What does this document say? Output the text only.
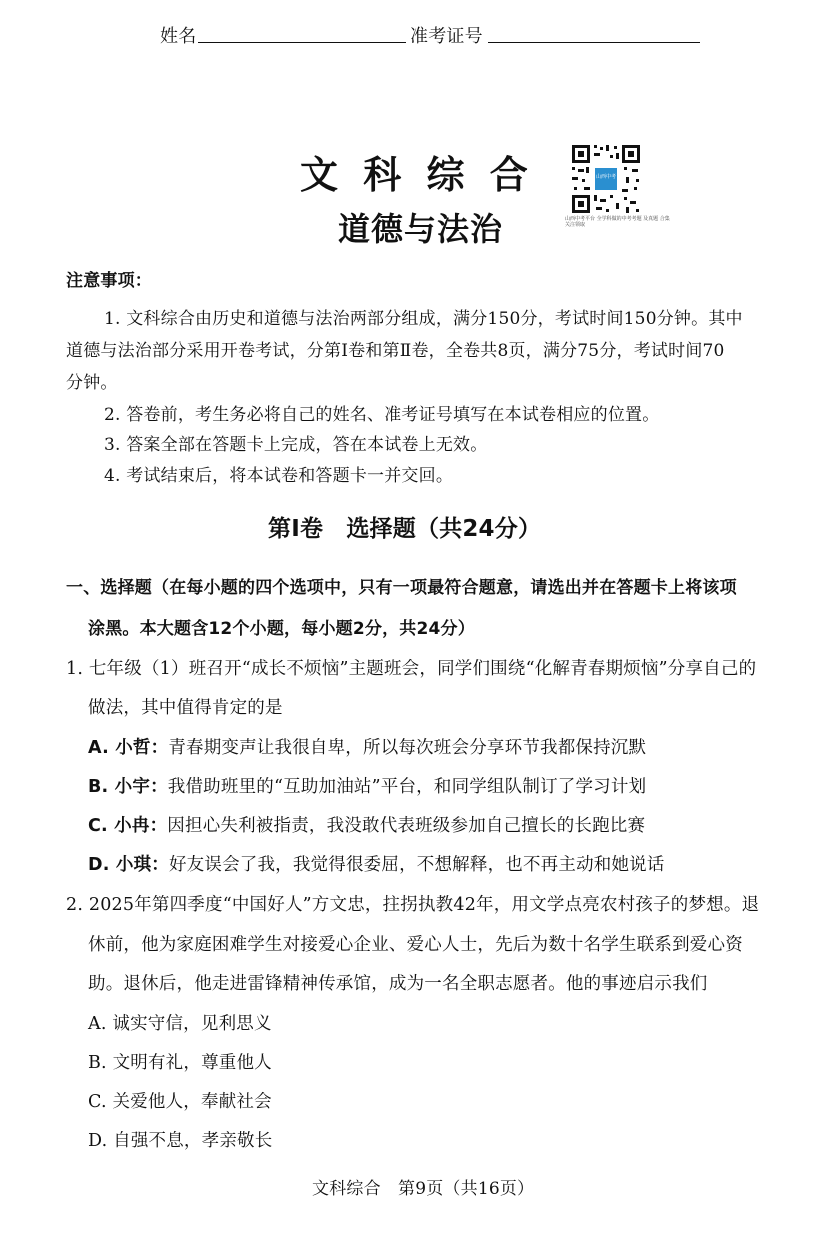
姓名	准考证号
文 科 综 合
道德与法治
山西中考
山西中考平台 全学科做的中考考题 及真题 合集 关注领取
注意事项：
1. 文科综合由历史和道德与法治两部分组成，满分150分，考试时间150分钟。其中
道德与法治部分采用开卷考试，分第Ⅰ卷和第Ⅱ卷，全卷共8页，满分75分，考试时间70
分钟。
2. 答卷前，考生务必将自己的姓名、准考证号填写在本试卷相应的位置。
3. 答案全部在答题卡上完成，答在本试卷上无效。
4. 考试结束后，将本试卷和答题卡一并交回。
第Ⅰ卷　选择题（共24分）
一、选择题（在每小题的四个选项中，只有一项最符合题意，请选出并在答题卡上将该项
涂黑。本大题含12个小题，每小题2分，共24分）
1. 七年级（1）班召开“成长不烦恼”主题班会，同学们围绕“化解青春期烦恼”分享自己的
做法，其中值得肯定的是
A. 小哲：青春期变声让我很自卑，所以每次班会分享环节我都保持沉默
B. 小宇：我借助班里的“互助加油站”平台，和同学组队制订了学习计划
C. 小冉：因担心失利被指责，我没敢代表班级参加自己擅长的长跑比赛
D. 小琪：好友误会了我，我觉得很委屈，不想解释，也不再主动和她说话
2. 2025年第四季度“中国好人”方文忠，拄拐执教42年，用文学点亮农村孩子的梦想。退
休前，他为家庭困难学生对接爱心企业、爱心人士，先后为数十名学生联系到爱心资
助。退休后，他走进雷锋精神传承馆，成为一名全职志愿者。他的事迹启示我们
A. 诚实守信，见利思义
B. 文明有礼，尊重他人
C. 关爱他人，奉献社会
D. 自强不息，孝亲敬长
文科综合　第9页（共16页）
